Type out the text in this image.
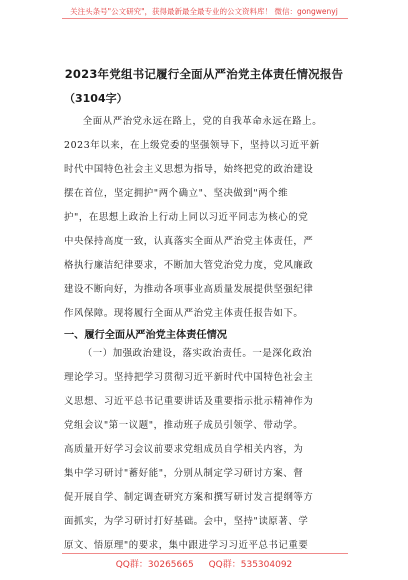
关注头条号"公文研究"，获得最新最全最专业的公文资料库！ 微信：gongwenyj
2023年党组书记履行全面从严治党主体责任情况报告
（3104字）
全面从严治党永远在路上，党的自我革命永远在路上。
2023年以来，在上级党委的坚强领导下，坚持以习近平新
时代中国特色社会主义思想为指导，始终把党的政治建设
摆在首位，坚定拥护"两个确立"、坚决做到"两个维
护"，在思想上政治上行动上同以习近平同志为核心的党
中央保持高度一致，认真落实全面从严治党主体责任，严
格执行廉洁纪律要求，不断加大管党治党力度，党风廉政
建设不断向好，为推动各项事业高质量发展提供坚强纪律
作风保障。现将履行全面从严治党主体责任报告如下。
一、履行全面从严治党主体责任情况
（一）加强政治建设，落实政治责任。一是深化政治
理论学习。坚持把学习贯彻习近平新时代中国特色社会主
义思想、习近平总书记重要讲话及重要指示批示精神作为
党组会议"第一议题"，推动班子成员引领学、带动学。
高质量开好学习会议前要求党组成员自学相关内容，为
集中学习研讨"蓄好能"，分别从制定学习研讨方案、督
促开展自学、制定调查研究方案和撰写研讨发言提纲等方
面抓实，为学习研讨打好基础。会中，坚持"读原著、学
原文、悟原理"的要求，集中跟进学习习近平总书记重要
QQ群：30265665 QQ群：535304092
